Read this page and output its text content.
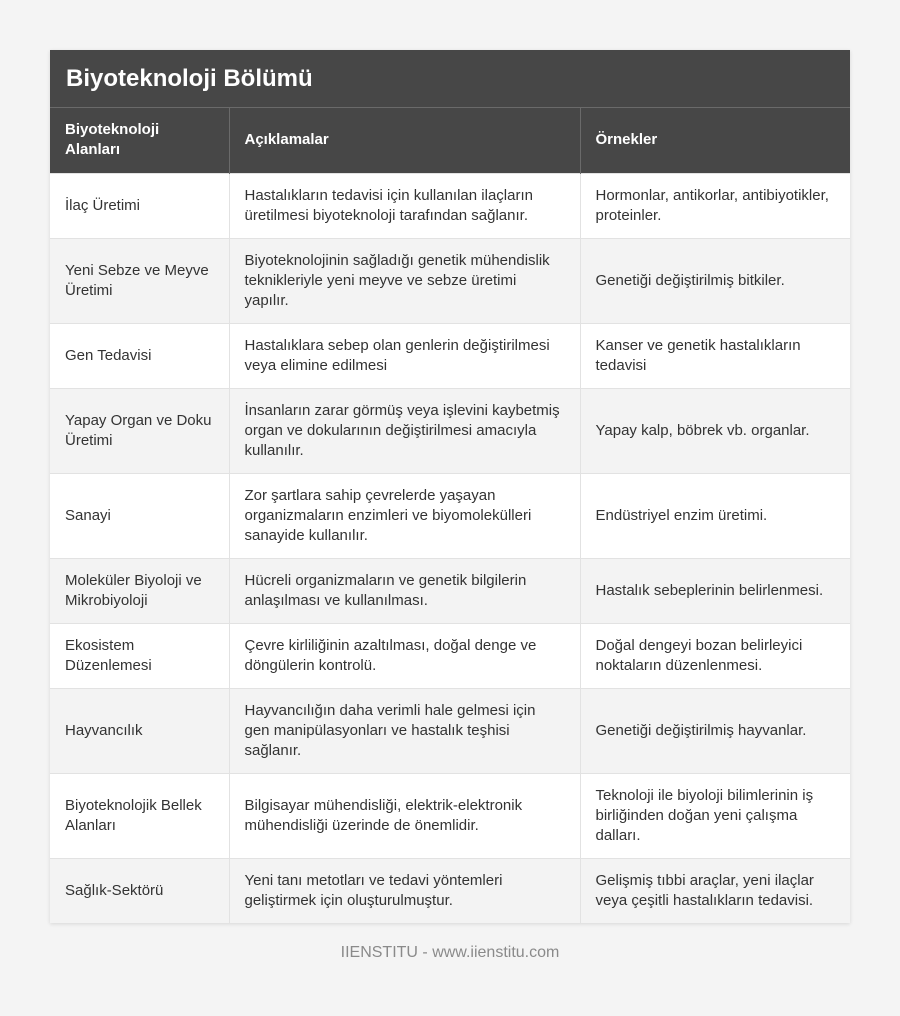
Biyoteknoloji Bölümü
Biyoteknoloji Alanları	Açıklamalar	Örnekler
İlaç Üretimi	Hastalıkların tedavisi için kullanılan ilaçların üretilmesi biyoteknoloji tarafından sağlanır.	Hormonlar, antikorlar, antibiyotikler, proteinler.
Yeni Sebze ve Meyve Üretimi	Biyoteknolojinin sağladığı genetik mühendislik teknikleriyle yeni meyve ve sebze üretimi yapılır.	Genetiği değiştirilmiş bitkiler.
Gen Tedavisi	Hastalıklara sebep olan genlerin değiştirilmesi veya elimine edilmesi	Kanser ve genetik hastalıkların tedavisi
Yapay Organ ve Doku Üretimi	İnsanların zarar görmüş veya işlevini kaybetmiş organ ve dokularının değiştirilmesi amacıyla kullanılır.	Yapay kalp, böbrek vb. organlar.
Sanayi	Zor şartlara sahip çevrelerde yaşayan organizmaların enzimleri ve biyomolekülleri sanayide kullanılır.	Endüstriyel enzim üretimi.
Moleküler Biyoloji ve Mikrobiyoloji	Hücreli organizmaların ve genetik bilgilerin anlaşılması ve kullanılması.	Hastalık sebeplerinin belirlenmesi.
Ekosistem Düzenlemesi	Çevre kirliliğinin azaltılması, doğal denge ve döngülerin kontrolü.	Doğal dengeyi bozan belirleyici noktaların düzenlenmesi.
Hayvancılık	Hayvancılığın daha verimli hale gelmesi için gen manipülasyonları ve hastalık teşhisi sağlanır.	Genetiği değiştirilmiş hayvanlar.
Biyoteknolojik Bellek Alanları	Bilgisayar mühendisliği, elektrik-elektronik mühendisliği üzerinde de önemlidir.	Teknoloji ile biyoloji bilimlerinin iş birliğinden doğan yeni çalışma dalları.
Sağlık-Sektörü	Yeni tanı metotları ve tedavi yöntemleri geliştirmek için oluşturulmuştur.	Gelişmiş tıbbi araçlar, yeni ilaçlar veya çeşitli hastalıkların tedavisi.
IIENSTITU - www.iienstitu.com
